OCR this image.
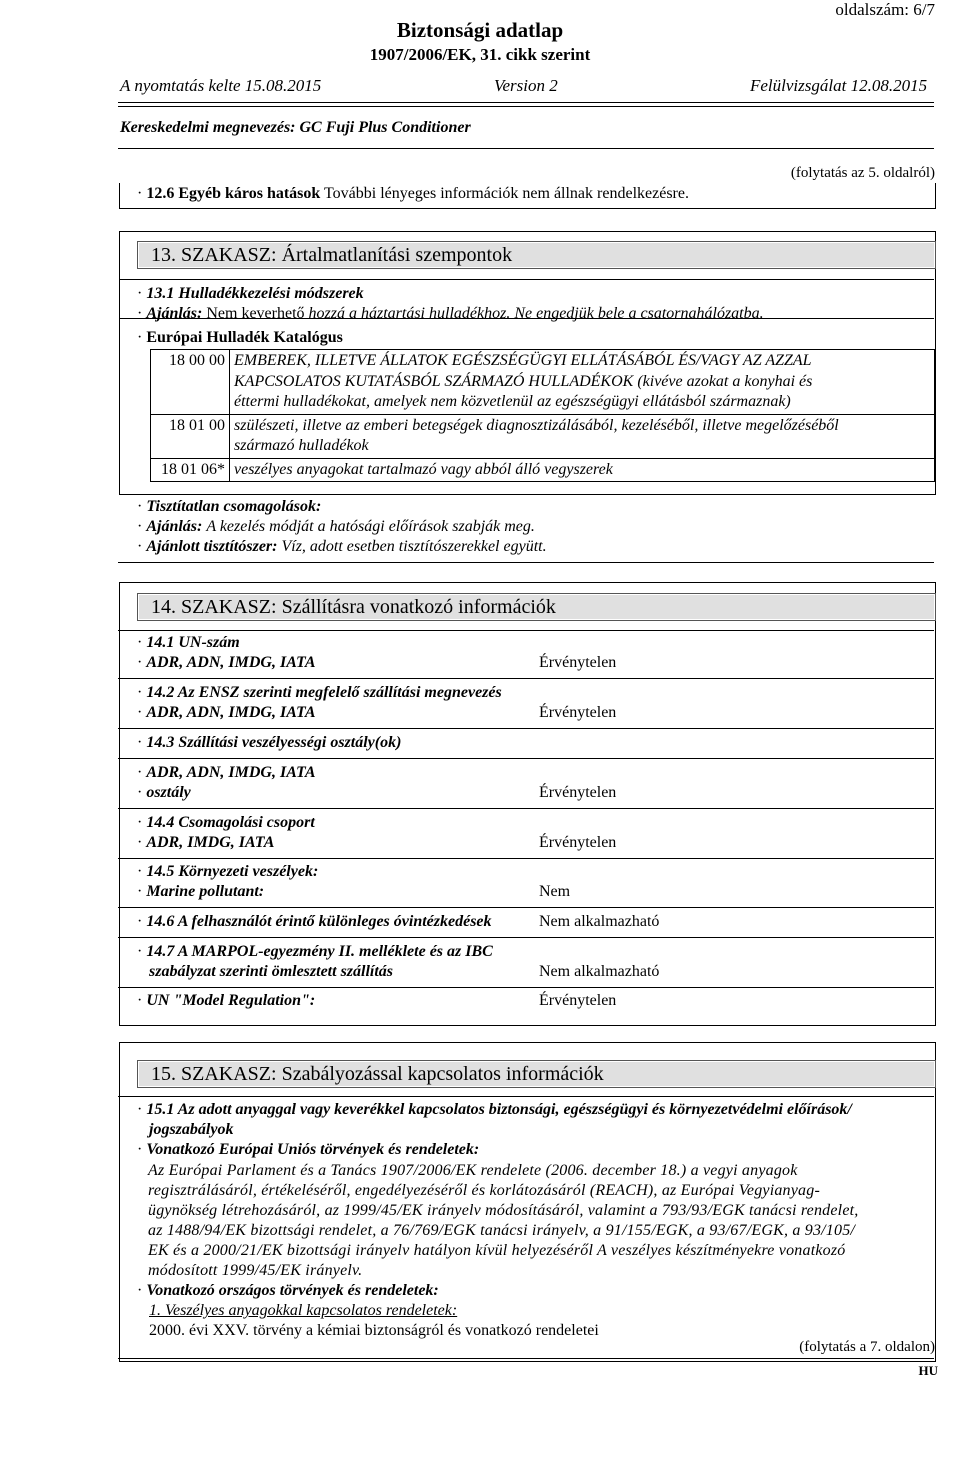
oldalszám: 6/7
Biztonsági adatlap
1907/2006/EK, 31. cikk szerint
A nyomtatás kelte 15.08.2015	Version 2	Felülvizsgálat 12.08.2015
Kereskedelmi megnevezés: GC Fuji Plus Conditioner
(folytatás az 5. oldalról)
· 12.6 Egyéb káros hatások További lényeges információk nem állnak rendelkezésre.
13. SZAKASZ: Ártalmatlanítási szempontok
· 13.1 Hulladékkezelési módszerek
· Ajánlás: Nem keverhető hozzá a háztartási hulladékhoz. Ne engedjük bele a csatornahálózatba.
· Európai Hulladék Katalógus
18 00 00	EMBEREK, ILLETVE ÁLLATOK EGÉSZSÉGÜGYI ELLÁTÁSÁBÓL ÉS/VAGY AZ AZZAL
KAPCSOLATOS KUTATÁSBÓL SZÁRMAZÓ HULLADÉKOK (kivéve azokat a konyhai és
éttermi hulladékokat, amelyek nem közvetlenül az egészségügyi ellátásból származnak)

18 01 00	szülészeti, illetve az emberi betegségek diagnosztizálásából, kezeléséből, illetve megelőzéséből
származó hulladékok

18 01 06*	veszélyes anyagokat tartalmazó vagy abból álló vegyszerek
· Tisztítatlan csomagolások:
· Ajánlás: A kezelés módját a hatósági előírások szabják meg.
· Ajánlott tisztítószer: Víz, adott esetben tisztítószerekkel együtt.
14. SZAKASZ: Szállításra vonatkozó információk
· 14.1 UN-szám
· ADR, ADN, IMDG, IATA	Érvénytelen
· 14.2 Az ENSZ szerinti megfelelő szállítási megnevezés
· ADR, ADN, IMDG, IATA	Érvénytelen
· 14.3 Szállítási veszélyességi osztály(ok)
· ADR, ADN, IMDG, IATA
· osztály	Érvénytelen
· 14.4 Csomagolási csoport
· ADR, IMDG, IATA	Érvénytelen
· 14.5 Környezeti veszélyek:
· Marine pollutant:	Nem
· 14.6 A felhasználót érintő különleges óvintézkedések	Nem alkalmazható
· 14.7 A MARPOL-egyezmény II. melléklete és az IBC
szabályzat szerinti ömlesztett szállítás	Nem alkalmazható
· UN "Model Regulation":	Érvénytelen
15. SZAKASZ: Szabályozással kapcsolatos információk
· 15.1 Az adott anyaggal vagy keverékkel kapcsolatos biztonsági, egészségügyi és környezetvédelmi előírások/
jogszabályok
· Vonatkozó Európai Uniós törvények és rendeletek:
Az Európai Parlament és a Tanács 1907/2006/EK rendelete (2006. december 18.) a vegyi anyagok
regisztrálásáról, értékeléséről, engedélyezéséről és korlátozásáról (REACH), az Európai Vegyianyag-
ügynökség létrehozásáról, az 1999/45/EK irányelv módosításáról, valamint a 793/93/EGK tanácsi rendelet,
az 1488/94/EK bizottsági rendelet, a 76/769/EGK tanácsi irányelv, a 91/155/EGK, a 93/67/EGK, a 93/105/
EK és a 2000/21/EK bizottsági irányelv hatályon kívül helyezéséről A veszélyes készítményekre vonatkozó
módosított 1999/45/EK irányelv.
· Vonatkozó országos törvények és rendeletek:
1. Veszélyes anyagokkal kapcsolatos rendeletek:
2000. évi XXV. törvény a kémiai biztonságról és vonatkozó rendeletei
(folytatás a 7. oldalon)
HU
